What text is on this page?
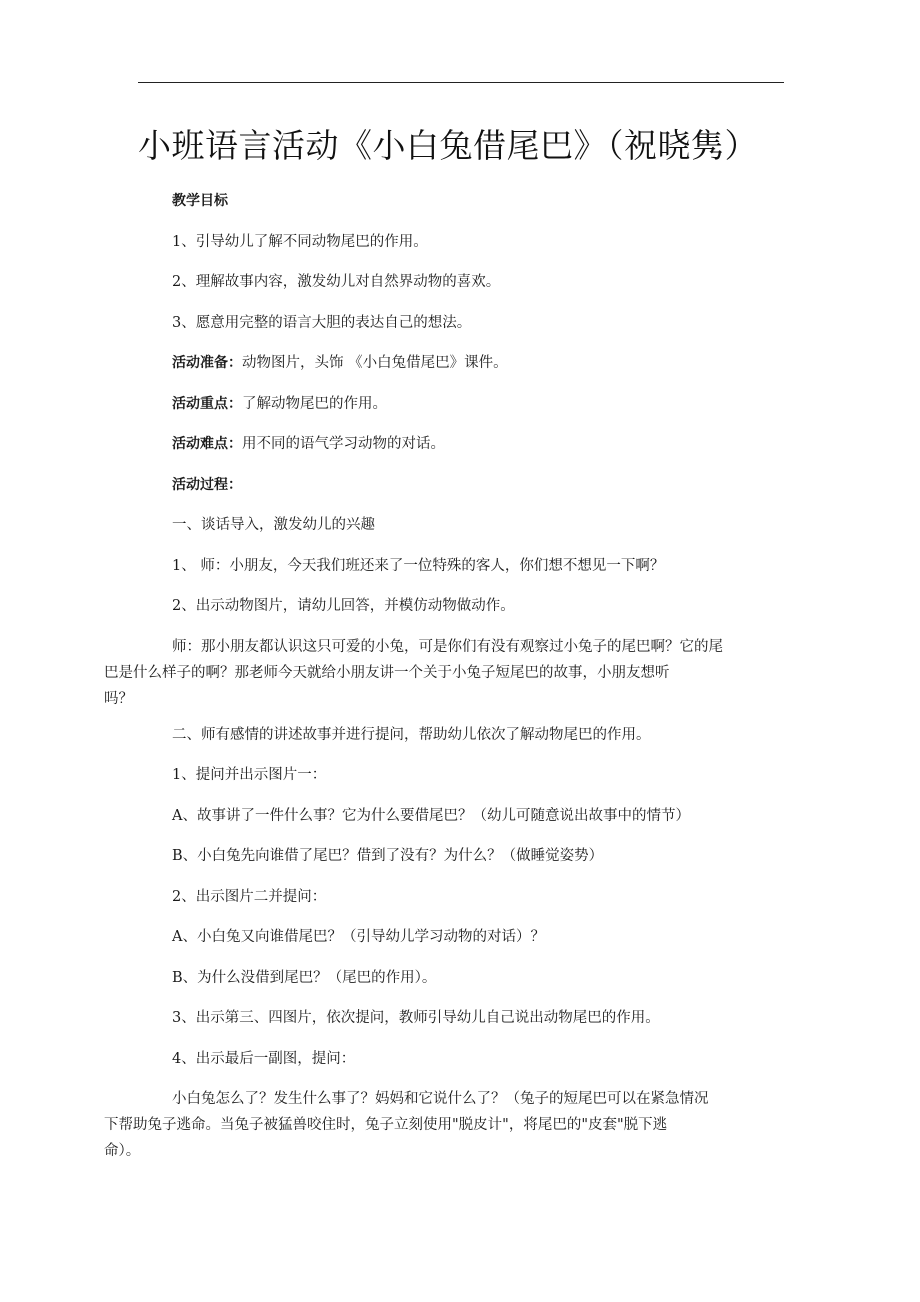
小班语言活动《小白兔借尾巴》（祝晓隽）

教学目标

1、引导幼儿了解不同动物尾巴的作用。

2、理解故事内容，激发幼儿对自然界动物的喜欢。

3、愿意用完整的语言大胆的表达自己的想法。

活动准备：动物图片，头饰 《小白兔借尾巴》课件。

活动重点：了解动物尾巴的作用。

活动难点：用不同的语气学习动物的对话。

活动过程：

一、谈话导入，激发幼儿的兴趣

1、 师：小朋友，今天我们班还来了一位特殊的客人，你们想不想见一下啊？

2、出示动物图片，请幼儿回答，并模仿动物做动作。

师：那小朋友都认识这只可爱的小兔，可是你们有没有观察过小兔子的尾巴啊？它的尾
巴是什么样子的啊？那老师今天就给小朋友讲一个关于小兔子短尾巴的故事，小朋友想听
吗？

二、师有感情的讲述故事并进行提问，帮助幼儿依次了解动物尾巴的作用。

1、提问并出示图片一：

A、故事讲了一件什么事？它为什么要借尾巴？（幼儿可随意说出故事中的情节）

B、小白兔先向谁借了尾巴？借到了没有？为什么？（做睡觉姿势）

2、出示图片二并提问：

A、小白兔又向谁借尾巴？（引导幼儿学习动物的对话）？

B、为什么没借到尾巴？（尾巴的作用）。

3、出示第三、四图片，依次提问，教师引导幼儿自己说出动物尾巴的作用。

4、出示最后一副图，提问：

小白兔怎么了？发生什么事了？妈妈和它说什么了？（兔子的短尾巴可以在紧急情况
下帮助兔子逃命。当兔子被猛兽咬住时，兔子立刻使用"脱皮计"，将尾巴的"皮套"脱下逃
命）。
